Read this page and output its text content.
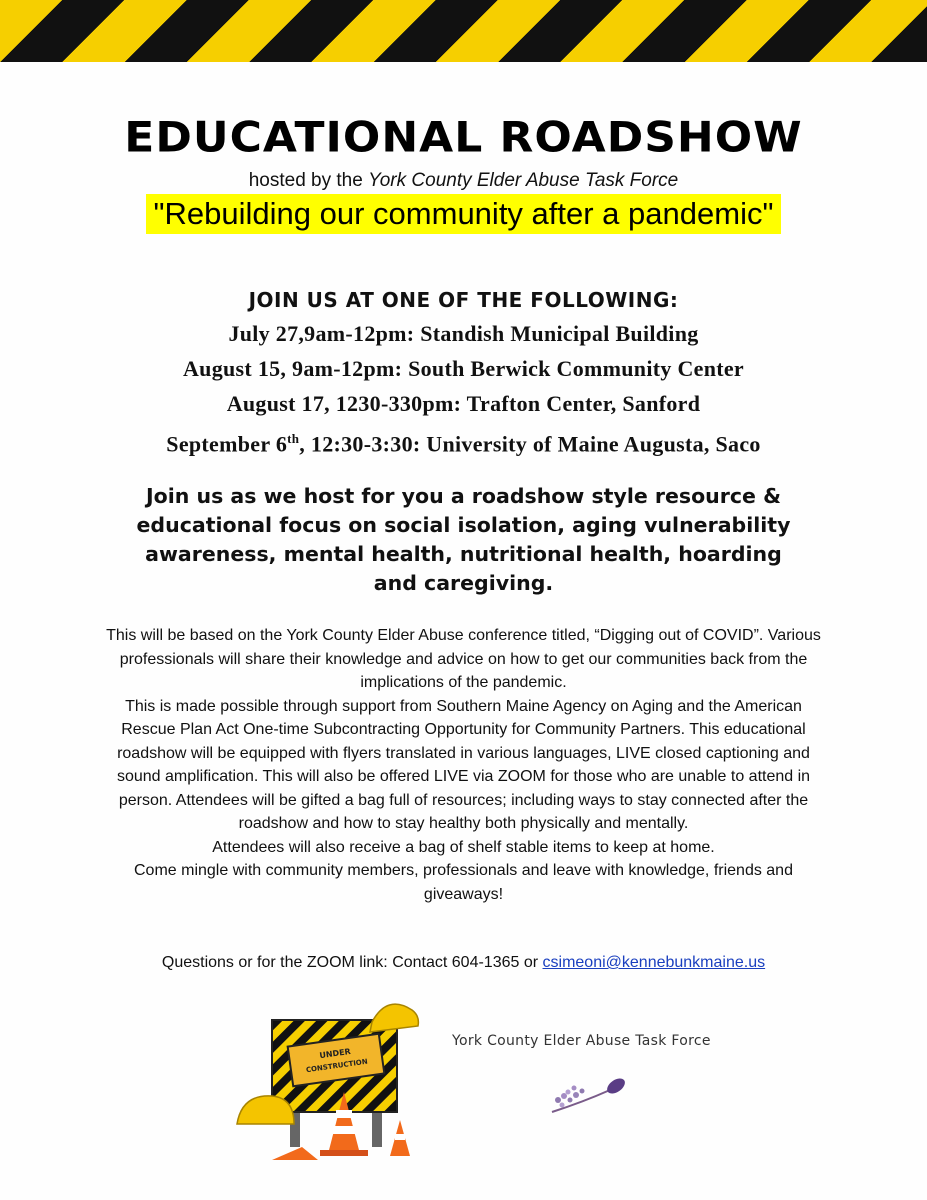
EDUCATIONAL ROADSHOW
hosted by the York County Elder Abuse Task Force
"Rebuilding our community after a pandemic"
JOIN US AT ONE OF THE FOLLOWING:
July 27,9am-12pm: Standish Municipal Building
August 15, 9am-12pm: South Berwick Community Center
August 17, 1230-330pm: Trafton Center, Sanford
September 6th, 12:30-3:30: University of Maine Augusta, Saco
Join us as we host for you a roadshow style resource & educational focus on social isolation, aging vulnerability awareness, mental health, nutritional health, hoarding and caregiving.

This will be based on the York County Elder Abuse conference titled, “Digging out of COVID”. Various professionals will share their knowledge and advice on how to get our communities back from the implications of the pandemic.

This is made possible through support from Southern Maine Agency on Aging and the American Rescue Plan Act One-time Subcontracting Opportunity for Community Partners. This educational roadshow will be equipped with flyers translated in various languages, LIVE closed captioning and sound amplification. This will also be offered LIVE via ZOOM for those who are unable to attend in person. Attendees will be gifted a bag full of resources; including ways to stay connected after the roadshow and how to stay healthy both physically and mentally.

Attendees will also receive a bag of shelf stable items to keep at home.

Come mingle with community members, professionals and leave with knowledge, friends and giveaways!

Questions or for the ZOOM link: Contact 604-1365 or csimeoni@kennebunkmaine.us
UNDER
CONSTRUCTION
York County Elder Abuse Task Force
